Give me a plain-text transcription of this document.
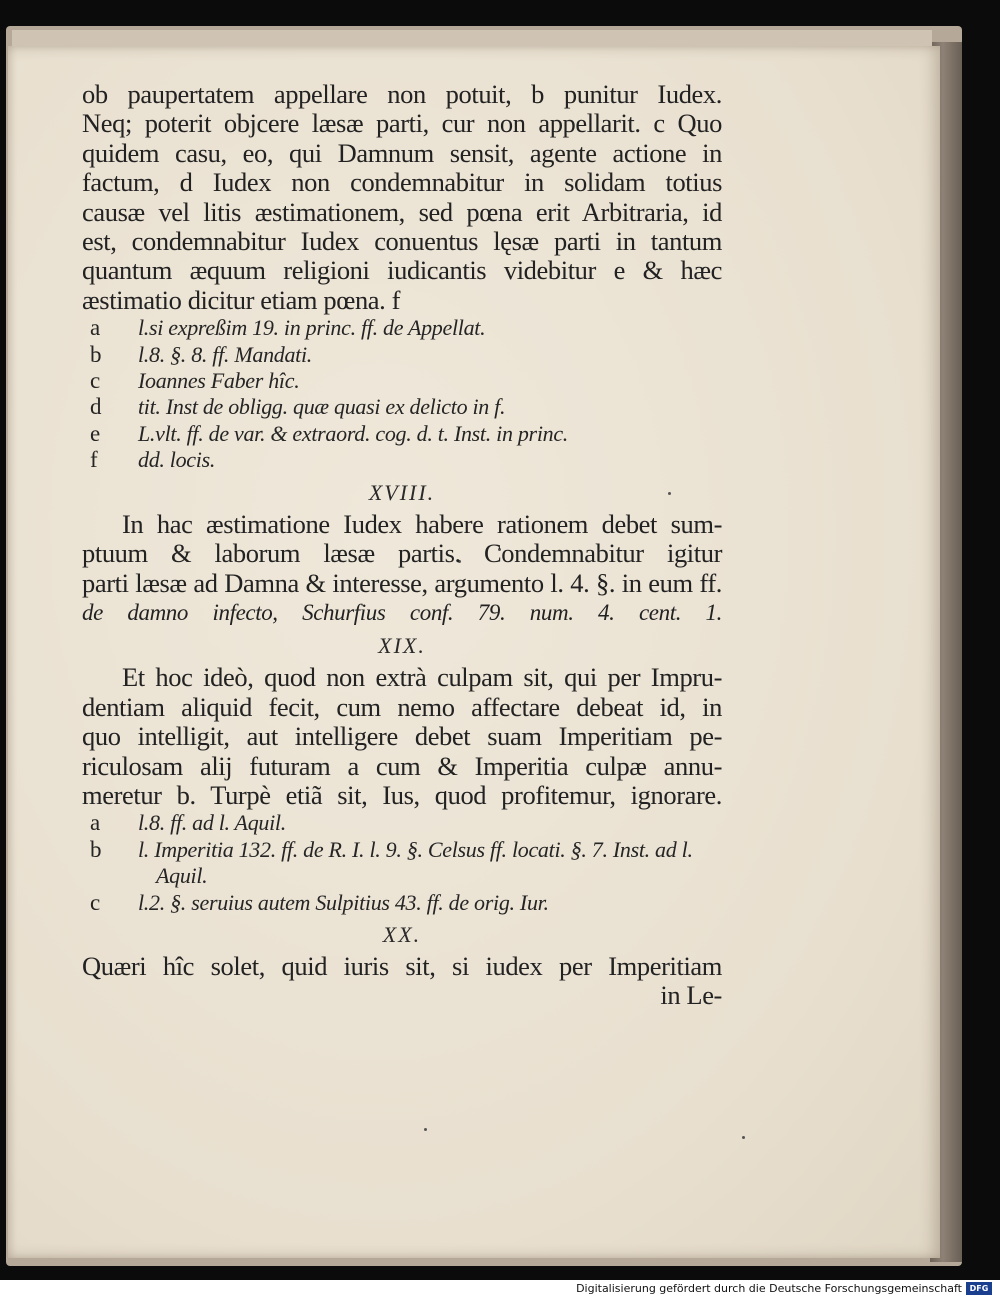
ob paupertatem appellare non potuit, b punitur Iudex.
Neq; poterit objcere læsæ parti, cur non appellarit. c Quo
quidem casu, eo, qui Damnum sensit, agente actione in
factum, d Iudex non condemnabitur in solidam totius
causæ vel litis æstimationem, sed pœna erit Arbitraria, id
est, condemnabitur Iudex conuentus lęsæ parti in tantum
quantum æquum religioni iudicantis videbitur e & hæc
æstimatio dicitur etiam pœna. f
a l.si expreßim 19. in princ. ff. de Appellat.
b l.8. §. 8. ff. Mandati.
c Ioannes Faber hîc.
d tit. Inst de obligg. quæ quasi ex delicto in f.
e L.vlt. ff. de var. & extraord. cog. d. t. Inst. in princ.
f dd. locis.
XVIII.
In hac æstimatione Iudex habere rationem debet sum-
ptuum & laborum læsæ partis. Condemnabitur igitur
parti læsæ ad Damna & interesse, argumento l. 4. §. in eum ff.
de damno infecto, Schurfius conf. 79. num. 4. cent. 1.
XIX.
Et hoc ideò, quod non extrà culpam sit, qui per Impru-
dentiam aliquid fecit, cum nemo affectare debeat id, in
quo intelligit, aut intelligere debet suam Imperitiam pe-
riculosam alij futuram a cum & Imperitia culpæ annu-
meretur b. Turpè etiã sit, Ius, quod profitemur, ignorare.
a l.8. ff. ad l. Aquil.
b l. Imperitia 132. ff. de R. I. l. 9. §. Celsus ff. locati. §. 7. Inst. ad l.
Aquil.
c l.2. §. seruius autem Sulpitius 43. ff. de orig. Iur.
XX.
Quæri hîc solet, quid iuris sit, si iudex per Imperitiam
in Le-
Digitalisierung gefördert durch die Deutsche Forschungsgemeinschaft DFG
